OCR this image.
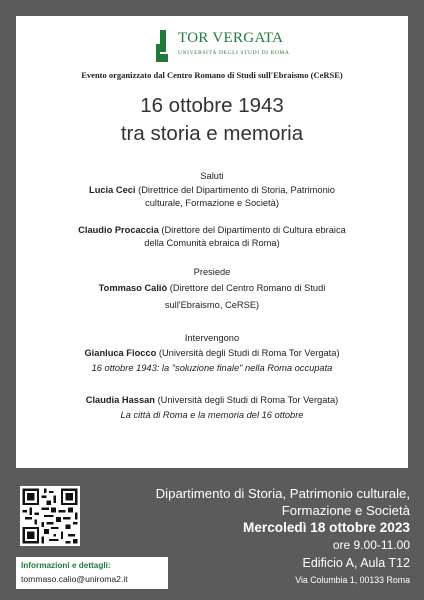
TOR VERGATA
UNIVERSITÀ DEGLI STUDI DI ROMA
Evento organizzato dal Centro Romano di Studi sull'Ebraismo (CeRSE)
16 ottobre 1943
tra storia e memoria
Saluti
Lucia Ceci (Direttrice del Dipartimento di Storia, Patrimonio
culturale, Formazione e Società)
Claudio Procaccia (Direttore del Dipartimento di Cultura ebraica
della Comunità ebraica di Roma)
Presiede
Tommaso Caliò (Direttore del Centro Romano di Studi
sull'Ebraismo, CeRSE)
Intervengono
Gianluca Fiocco (Università degli Studi di Roma Tor Vergata)
16 ottobre 1943: la "soluzione finale" nella Roma occupata
Claudia Hassan (Università degli Studi di Roma Tor Vergata)
La città di Roma e la memoria del 16 ottobre
Informazioni e dettagli:
tommaso.calio@uniroma2.it
Dipartimento di Storia, Patrimonio culturale,
Formazione e Società
Mercoledì 18 ottobre 2023
ore 9.00-11.00
Edificio A, Aula T12
Via Columbia 1, 00133 Roma
